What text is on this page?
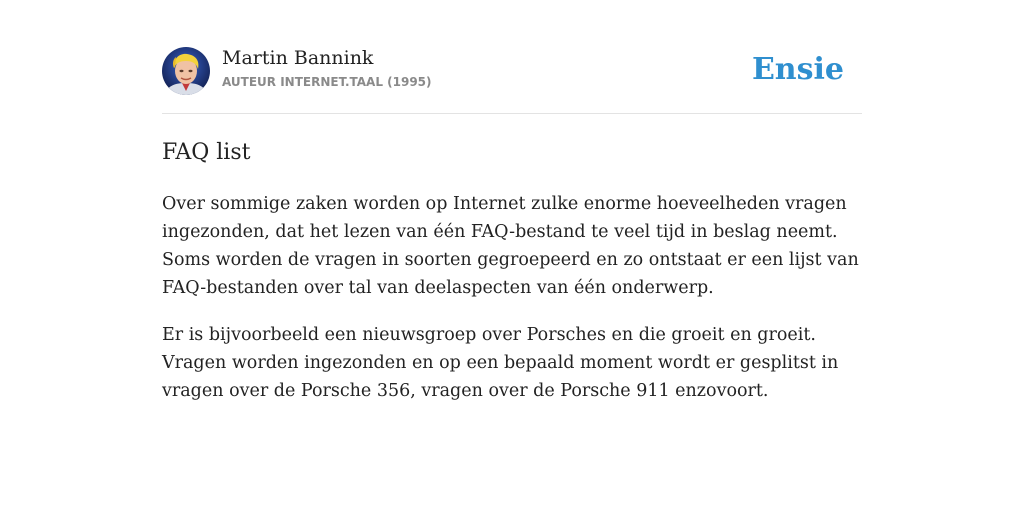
Martin Bannink
AUTEUR INTERNET.TAAL (1995)	Ensie
FAQ list

Over sommige zaken worden op Internet zulke enorme hoeveelheden vragen ingezonden, dat het lezen van één FAQ-bestand te veel tijd in beslag neemt. Soms worden de vragen in soorten gegroepeerd en zo ontstaat er een lijst van FAQ-bestanden over tal van deelaspecten van één onderwerp.

Er is bijvoorbeeld een nieuwsgroep over Porsches en die groeit en groeit. Vragen worden ingezonden en op een bepaald moment wordt er gesplitst in vragen over de Porsche 356, vragen over de Porsche 911 enzovoort.
